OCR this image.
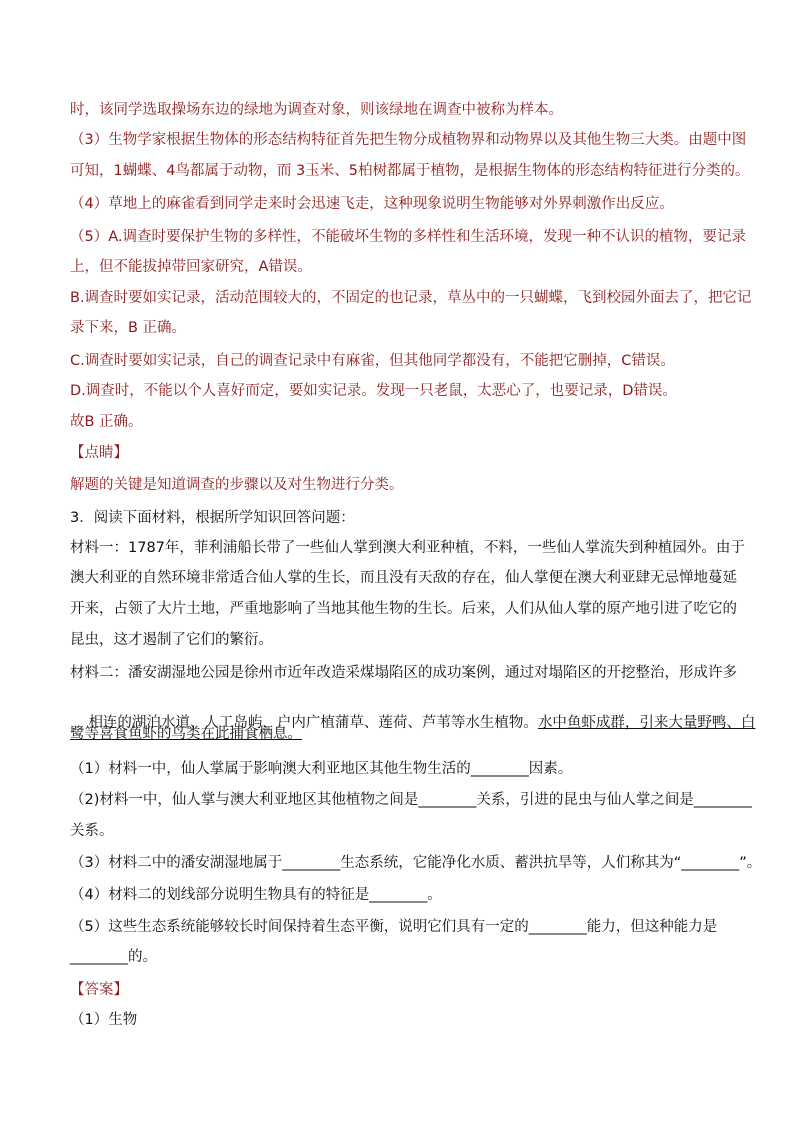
时，该同学选取操场东边的绿地为调查对象，则该绿地在调查中被称为样本。
（3）生物学家根据生物体的形态结构特征首先把生物分成植物界和动物界以及其他生物三大类。由题中图
可知，1蝴蝶、4鸟都属于动物，而 3玉米、5柏树都属于植物，是根据生物体的形态结构特征进行分类的。
（4）草地上的麻雀看到同学走来时会迅速飞走，这种现象说明生物能够对外界刺激作出反应。
（5）A.调查时要保护生物的多样性，不能破坏生物的多样性和生活环境，发现一种不认识的植物，要记录
上，但不能拔掉带回家研究，A错误。
B.调查时要如实记录，活动范围较大的，不固定的也记录，草丛中的一只蝴蝶，飞到校园外面去了，把它记
录下来，B 正确。
C.调查时要如实记录，自己的调查记录中有麻雀，但其他同学都没有，不能把它删掉，C错误。
D.调查时，不能以个人喜好而定，要如实记录。发现一只老鼠，太恶心了，也要记录，D错误。
故B 正确。
【点睛】
解题的关键是知道调查的步骤以及对生物进行分类。
3．阅读下面材料，根据所学知识回答问题：
材料一：1787年，菲利浦船长带了一些仙人掌到澳大利亚种植，不料，一些仙人掌流失到种植园外。由于
澳大利亚的自然环境非常适合仙人掌的生长，而且没有天敌的存在，仙人掌便在澳大利亚肆无忌惮地蔓延
开来，占领了大片土地，严重地影响了当地其他生物的生长。后来，人们从仙人掌的原产地引进了吃它的
昆虫，这才遏制了它们的繁衍。
材料二：潘安湖湿地公园是徐州市近年改造采煤塌陷区的成功案例，通过对塌陷区的开挖整治，形成许多

相连的湖泊水道、人工岛屿，户内广植蒲草、莲荷、芦苇等水生植物。水中鱼虾成群，引来大量野鸭、白

鹭等喜食鱼虾的鸟类在此捕食栖息。
（1）材料一中，仙人掌属于影响澳大利亚地区其他生物生活的________因素。
（2)材料一中，仙人掌与澳大利亚地区其他植物之间是________关系，引进的昆虫与仙人掌之间是________
关系。
（3）材料二中的潘安湖湿地属于________生态系统，它能净化水质、蓄洪抗旱等，人们称其为“________”。
（4）材料二的划线部分说明生物具有的特征是________。
（5）这些生态系统能够较长时间保持着生态平衡，说明它们具有一定的________能力，但这种能力是
________的。
【答案】
（1）生物
